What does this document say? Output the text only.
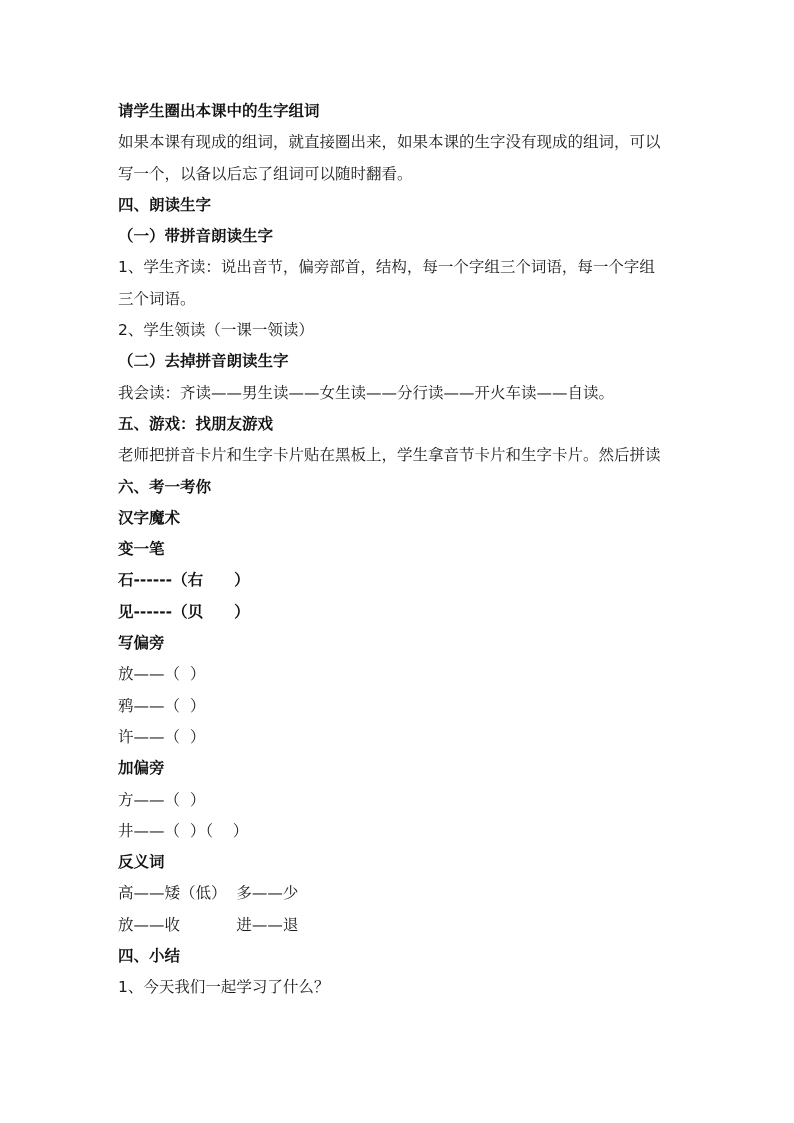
请学生圈出本课中的生字组词
如果本课有现成的组词，就直接圈出来，如果本课的生字没有现成的组词，可以
写一个，以备以后忘了组词可以随时翻看。
四、朗读生字
（一）带拼音朗读生字
1、学生齐读：说出音节，偏旁部首，结构，每一个字组三个词语，每一个字组
三个词语。
2、学生领读（一课一领读）
（二）去掉拼音朗读生字
我会读：齐读——男生读——女生读——分行读——开火车读——自读。
五、游戏：找朋友游戏
老师把拼音卡片和生字卡片贴在黑板上，学生拿音节卡片和生字卡片。然后拼读
六、考一考你
汉字魔术
变一笔
石------（右　　）
见------（贝　　）
写偏旁
放——（  ）
鸦——（  ）
许——（  ）
加偏旁
方——（  ）
井——（  ）（    ）
反义词
高——矮（低）  多——少
放——收　　　  进——退
四、小结
1、今天我们一起学习了什么？
